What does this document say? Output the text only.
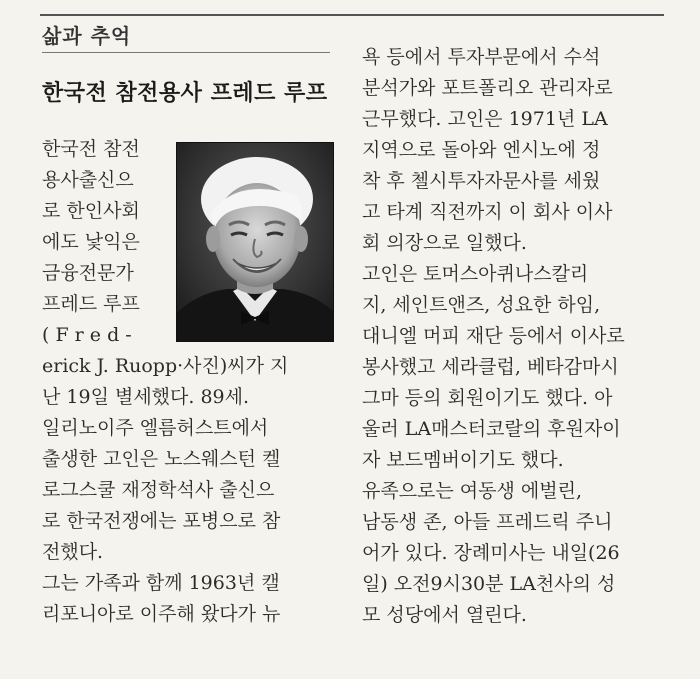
삶과 추억
한국전 참전용사 프레드 루프
한국전 참전
용사출신으
로 한인사회
에도 낯익은
금융전문가
프레드 루프
( F r e d -
erick J. Ruopp·사진)씨가 지
난 19일 별세했다. 89세.
일리노이주 엘름허스트에서
출생한 고인은 노스웨스턴 켈
로그스쿨 재정학석사 출신으
로 한국전쟁에는 포병으로 참
전했다.
그는 가족과 함께 1963년 캘
리포니아로 이주해 왔다가 뉴
욕 등에서 투자부문에서 수석
분석가와 포트폴리오 관리자로
근무했다. 고인은 1971년 LA
지역으로 돌아와 엔시노에 정
착 후 첼시투자자문사를 세웠
고 타계 직전까지 이 회사 이사
회 의장으로 일했다.
고인은 토머스아퀴나스칼리
지, 세인트앤즈, 성요한 하임,
대니엘 머피 재단 등에서 이사로
봉사했고 세라클럽, 베타감마시
그마 등의 회원이기도 했다. 아
울러 LA매스터코랄의 후원자이
자 보드멤버이기도 했다.
유족으로는 여동생 에벌린,
남동생 존, 아들 프레드릭 주니
어가 있다. 장례미사는 내일(26
일) 오전9시30분 LA천사의 성
모 성당에서 열린다.
